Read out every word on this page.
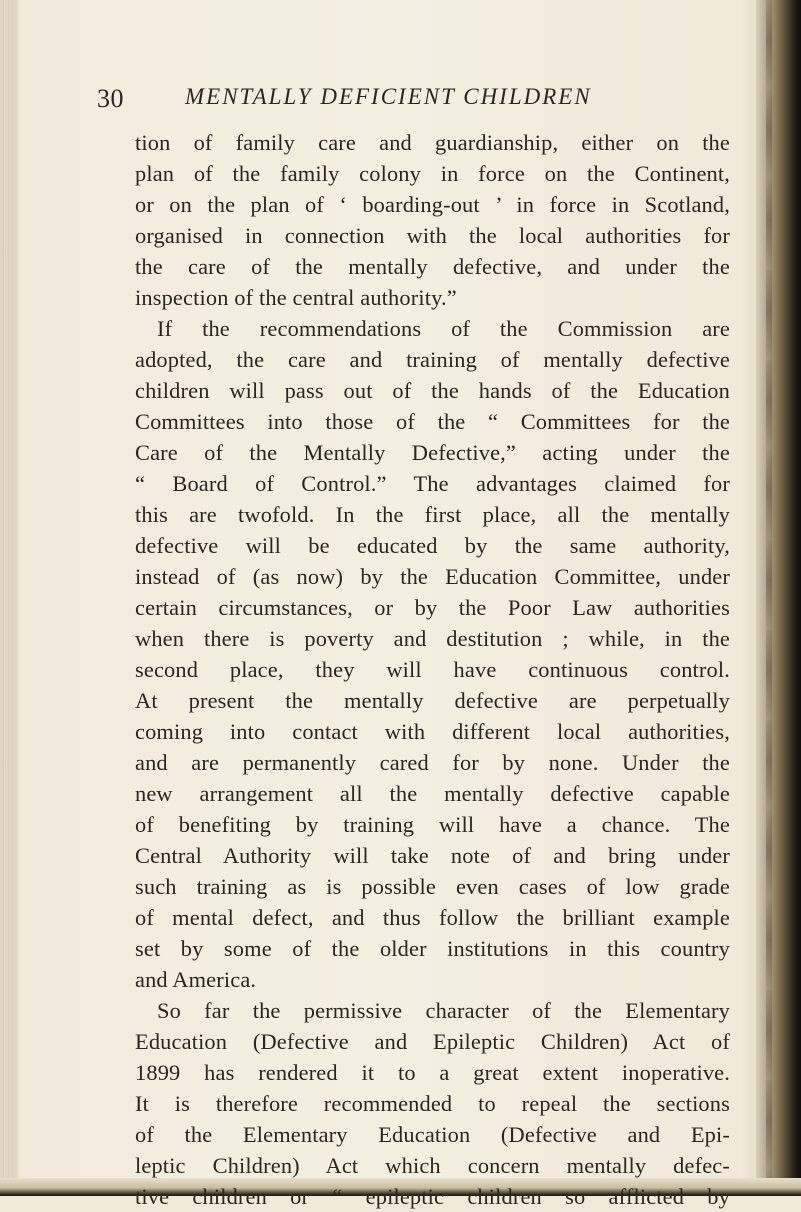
30	MENTALLY DEFICIENT CHILDREN
tion of family care and guardianship, either on the
plan of the family colony in force on the Continent,
or on the plan of ‘ boarding-out ’ in force in Scotland,
organised in connection with the local authorities for
the care of the mentally defective, and under the
inspection of the central authority.”
If the recommendations of the Commission are
adopted, the care and training of mentally defective
children will pass out of the hands of the Education
Committees into those of the “ Committees for the
Care of the Mentally Defective,” acting under the
“ Board of Control.” The advantages claimed for
this are twofold. In the first place, all the mentally
defective will be educated by the same authority,
instead of (as now) by the Education Committee, under
certain circumstances, or by the Poor Law authorities
when there is poverty and destitution ; while, in the
second place, they will have continuous control.
At present the mentally defective are perpetually
coming into contact with different local authorities,
and are permanently cared for by none. Under the
new arrangement all the mentally defective capable
of benefiting by training will have a chance. The
Central Authority will take note of and bring under
such training as is possible even cases of low grade
of mental defect, and thus follow the brilliant example
set by some of the older institutions in this country
and America.
So far the permissive character of the Elementary
Education (Defective and Epileptic Children) Act of
1899 has rendered it to a great extent inoperative.
It is therefore recommended to repeal the sections
of the Elementary Education (Defective and Epi-
leptic Children) Act which concern mentally defec-
tive children or “ epileptic children so afflicted by
